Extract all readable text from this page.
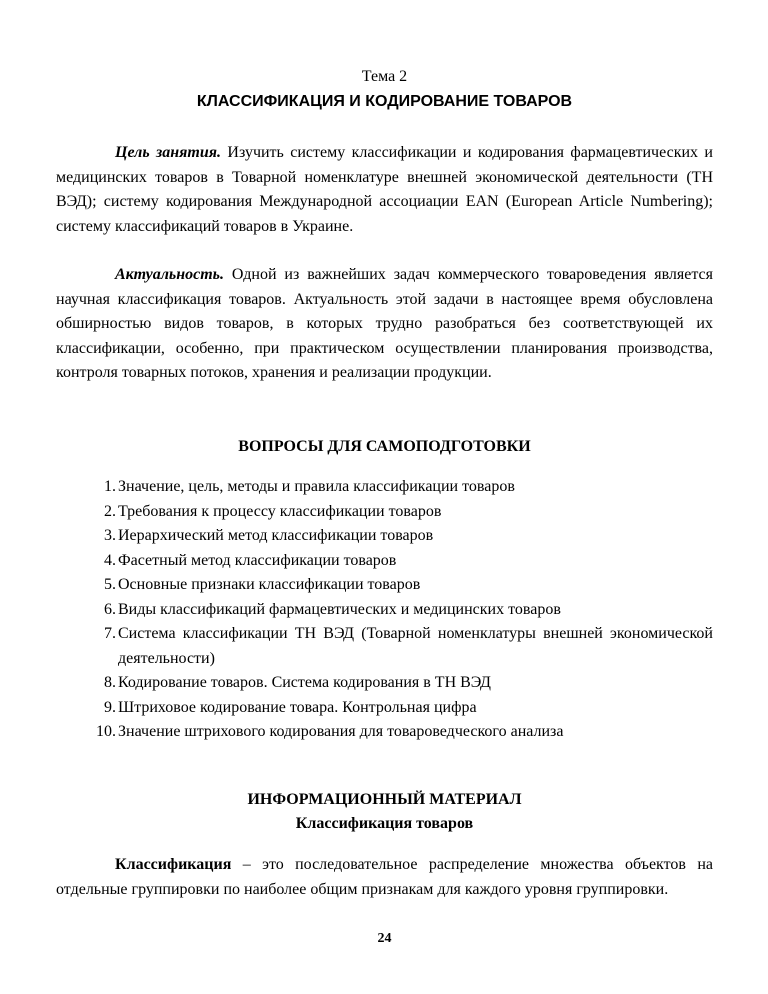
Тема 2
КЛАССИФИКАЦИЯ И КОДИРОВАНИЕ ТОВАРОВ

Цель занятия. Изучить систему классификации и кодирования фармацевтических и медицинских товаров в Товарной номенклатуре внешней экономической деятельности (ТН ВЭД); систему кодирования Международной ассоциации EAN (European Article Numbering); систему классификаций товаров в Украине.

Актуальность. Одной из важнейших задач коммерческого товароведения является научная классификация товаров. Актуальность этой задачи в настоящее время обусловлена обширностью видов товаров, в которых трудно разобраться без соответствующей их классификации, особенно, при практическом осуществлении планирования производства, контроля товарных потоков, хранения и реализации продукции.

ВОПРОСЫ ДЛЯ САМОПОДГОТОВКИ
1. Значение, цель, методы и правила классификации товаров
2. Требования к процессу классификации товаров
3. Иерархический метод классификации товаров
4. Фасетный метод классификации товаров
5. Основные признаки классификации товаров
6. Виды классификаций фармацевтических и медицинских товаров
7. Система классификации ТН ВЭД (Товарной номенклатуры внешней экономической деятельности)
8. Кодирование товаров. Система кодирования в ТН ВЭД
9. Штриховое кодирование товара. Контрольная цифра
10. Значение штрихового кодирования для товароведческого анализа
ИНФОРМАЦИОННЫЙ МАТЕРИАЛ
Классификация товаров

Классификация – это последовательное распределение множества объектов на отдельные группировки по наиболее общим признакам для каждого уровня группировки.

24
